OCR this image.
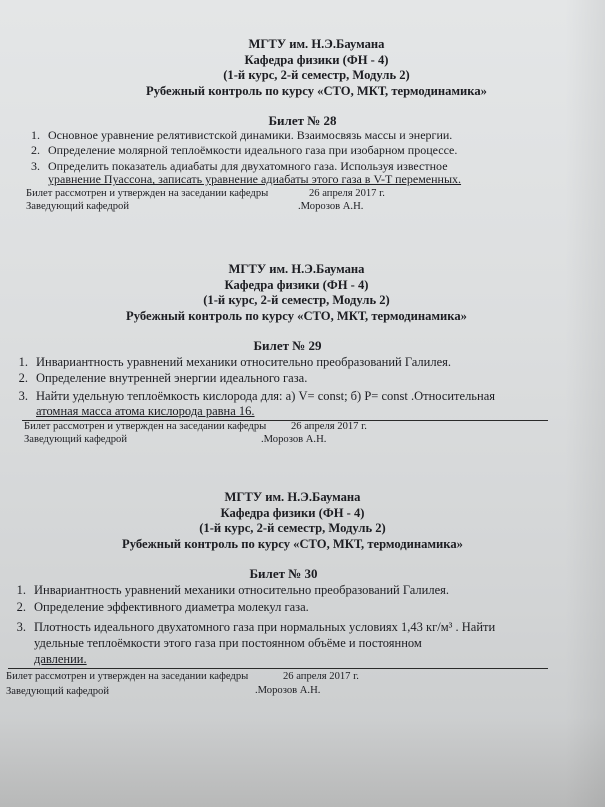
МГТУ им. Н.Э.Баумана
Кафедра физики (ФН - 4)
(1-й курс, 2-й семестр, Модуль 2)
Рубежный контроль по курсу «СТО, МКТ, термодинамика»
Билет № 28
1. Основное уравнение релятивистской динамики. Взаимосвязь массы и энергии.
2. Определение молярной теплоёмкости идеального газа при изобарном процессе.
3. Определить показатель адиабаты для двухатомного газа. Используя известное
уравнение Пуассона, записать уравнение адиабаты этого газа в V-T переменных.
Билет рассмотрен и утвержден на заседании кафедры	26 апреля 2017 г.
Заведующий кафедрой	.Морозов А.Н.
МГТУ им. Н.Э.Баумана
Кафедра физики (ФН - 4)
(1-й курс, 2-й семестр, Модуль 2)
Рубежный контроль по курсу «СТО, МКТ, термодинамика»
Билет № 29
1. Инвариантность уравнений механики относительно преобразований Галилея.
2. Определение внутренней энергии идеального газа.
3. Найти удельную теплоёмкость кислорода для: а) V= const; б) P= const .Относительная
атомная масса атома кислорода равна 16.
Билет рассмотрен и утвержден на заседании кафедры 26 апреля 2017 г.
Заведующий кафедрой	.Морозов А.Н.
МГТУ им. Н.Э.Баумана
Кафедра физики (ФН - 4)
(1-й курс, 2-й семестр, Модуль 2)
Рубежный контроль по курсу «СТО, МКТ, термодинамика»
Билет № 30
1. Инвариантность уравнений механики относительно преобразований Галилея.
2. Определение эффективного диаметра молекул газа.
3. Плотность идеального двухатомного газа при нормальных условиях 1,43 кг/м³ . Найти
удельные теплоёмкости этого газа при постоянном объёме и постоянном
давлении.
Билет рассмотрен и утвержден на заседании кафедры	26 апреля 2017 г.
Заведующий кафедрой	.Морозов А.Н.
